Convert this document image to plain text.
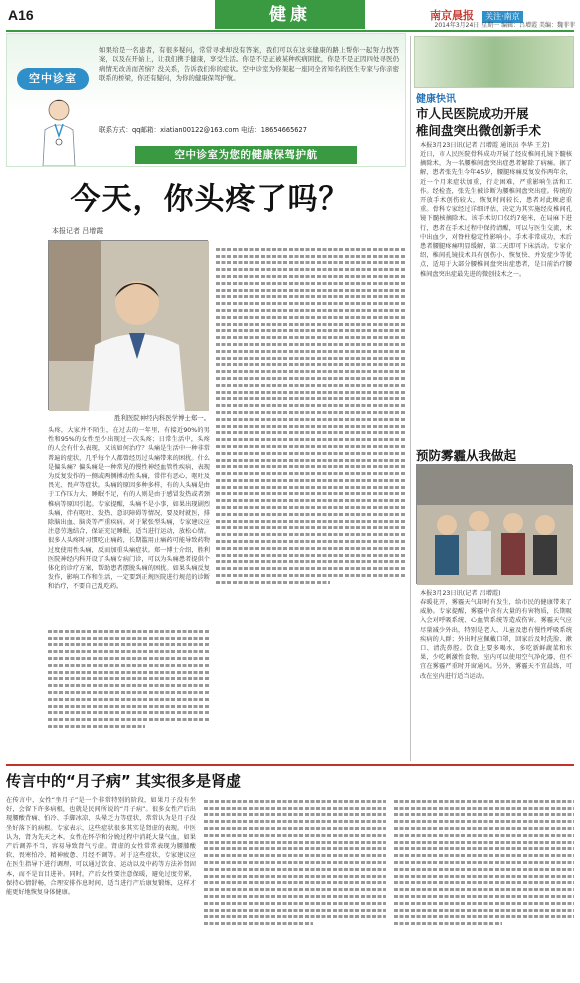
A16	健康	南京晨报 关注·南京
2014年3月24日 星期一 编辑：吕增霞 美编：魏菲菲
空中诊室
如果给是一名患者，有很多疑问，常常寻求却没有答案，我们可以在这来健康的路上帮你一起努力找答案，以及在开始上，让我们携手健康，享受生活。你是不是正被某种疾病困扰，你是不是正因四处寻医仍病情无改善而苦恼？没关系，告诉我们你的症状。空中诊室为你架起一座同全省知名的医生专家与你亲密联系的桥梁，你还有疑问，为你的健康保驾护航。
联系方式：qq邮箱：xiatian00122@163.com 电话：18654665627
空中诊室为您的健康保驾护航
今天，你头疼了吗？
本报记者 吕增霞
胜利医院神经内科医学博士郑一。
头疼，大家并不陌生，在过去的一年里，有接近90%的男性和95%的女性至少出现过一次头疼；日常生活中，头疼的人会有什么表现，又该如何治疗？头痛是生活中一种非常普遍的症状，几乎每个人都曾经历过头痛带来的困扰。什么是偏头痛？偏头痛是一种常见的慢性神经血管性疾病，表现为反复发作的一侧或两侧搏动性头痛，常伴有恶心、呕吐及畏光、畏声等症状。头痛的原因多种多样，有的人头痛是由于工作压力大、睡眠不足，有的人则是由于感冒发热或者颈椎病等原因引起。专家提醒，头痛不是小事，如果出现剧烈头痛，伴有呕吐、发热、意识障碍等情况，要及时就医，排除脑出血、脑炎等严重疾病。对于紧张型头痛，专家建议应注意劳逸结合，保证充足睡眠，适当进行运动，放松心情。很多人头疼时习惯吃止痛药，长期滥用止痛药可能导致药物过度使用性头痛，反而加重头痛症状。郑一博士介绍，胜利医院神经内科开设了头痛专病门诊，可以为头痛患者提供个体化的诊疗方案，帮助患者摆脱头痛的困扰。如果头痛反复发作，影响工作和生活，一定要到正规医院进行规范的诊断和治疗，不要自己乱吃药。
健康快讯
市人民医院成功开展
椎间盘突出微创新手术
本报3月23日讯(记者 吕增霞 通讯员 李华 王芳)
近日，市人民医院骨科成功开展了经皮椎间孔镜下髓核摘除术，为一名腰椎间盘突出症患者解除了病痛。据了解，患者张先生今年45岁，腰腿疼痛反复发作两年余，近一个月来症状加重，行走困难，严重影响生活和工作。经检查，张先生被诊断为腰椎间盘突出症。传统的开放手术创伤较大，恢复时间较长，患者对此顾虑重重。骨科专家经过详细评估，决定为其实施经皮椎间孔镜下髓核摘除术。该手术切口仅约7毫米，在局麻下进行，患者在手术过程中保持清醒，可以与医生交流，术中出血少，对脊柱稳定性影响小。手术非常成功，术后患者腰腿疼痛明显缓解，第二天即可下床活动。专家介绍，椎间孔镜技术具有创伤小、恢复快、并发症少等优点，适用于大部分腰椎间盘突出症患者，是目前治疗腰椎间盘突出症最先进的微创技术之一。
预防雾霾从我做起
本报3月23日讯(记者 吕增霞)
春暖花开，雾霾天气却时有发生，给市民的健康带来了威胁。专家提醒，雾霾中含有大量的有害物质，长期吸入会对呼吸系统、心血管系统等造成伤害。雾霾天气应尽量减少外出，特别是老人、儿童及患有慢性呼吸系统疾病的人群；外出时应佩戴口罩，回家后及时洗脸、漱口、清洗鼻腔。饮食上要多喝水，多吃新鲜蔬菜和水果，少吃刺激性食物。室内可以使用空气净化器，但不宜在雾霾严重时开窗通风。另外，雾霾天不宜晨练，可改在室内进行适当运动。
传言中的“月子病” 其实很多是肾虚
在传言中，女性“坐月子”是一个非常特别的阶段，如果月子没有坐好，会留下许多病根，也就是民间所说的“月子病”。很多女性产后出现腰酸背痛、怕冷、手脚冰凉、头晕乏力等症状，常常认为是月子没坐好落下的病根。专家表示，这些症状很多其实是肾虚的表现。中医认为，肾为先天之本，女性在怀孕和分娩过程中消耗大量气血，如果产后调养不当，容易导致肾气亏虚。肾虚的女性常常表现为腰膝酸软、畏寒怕冷、精神疲惫、月经不调等。对于这些症状，专家建议应在医生指导下进行调理，可以通过饮食、运动以及中药等方法补肾固本，而不是盲目进补。同时，产后女性要注意保暖，避免过度劳累，保持心情舒畅，合理安排作息时间，适当进行产后康复锻炼，这样才能更好地恢复身体健康。
